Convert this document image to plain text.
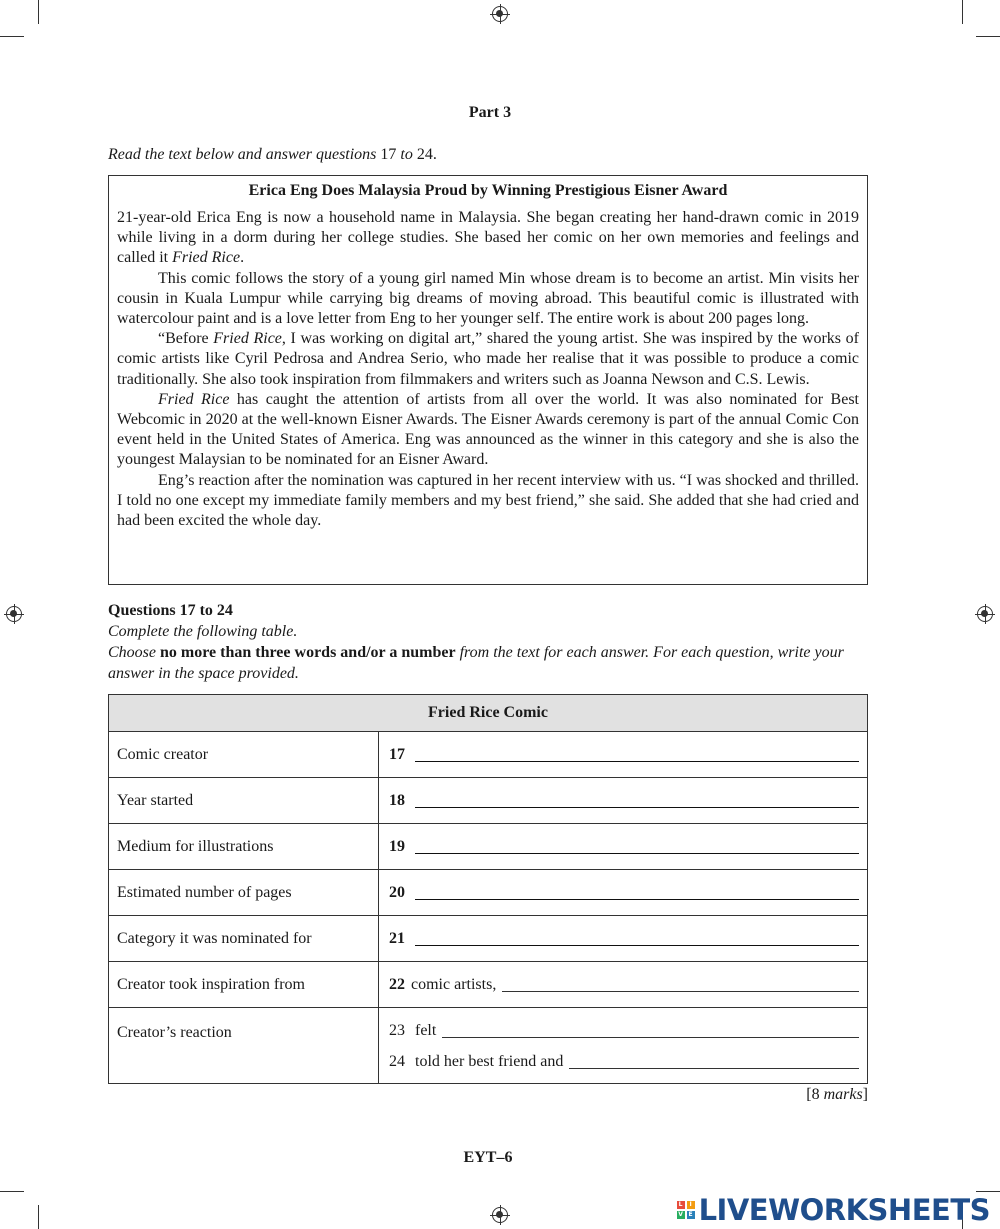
Part 3
Read the text below and answer questions 17 to 24.
Erica Eng Does Malaysia Proud by Winning Prestigious Eisner Award

21-year-old Erica Eng is now a household name in Malaysia. She began creating her hand-drawn comic in 2019 while living in a dorm during her college studies. She based her comic on her own memories and feelings and called it Fried Rice.

This comic follows the story of a young girl named Min whose dream is to become an artist. Min visits her cousin in Kuala Lumpur while carrying big dreams of moving abroad. This beautiful comic is illustrated with watercolour paint and is a love letter from Eng to her younger self. The entire work is about 200 pages long.

“Before Fried Rice, I was working on digital art,” shared the young artist. She was inspired by the works of comic artists like Cyril Pedrosa and Andrea Serio, who made her realise that it was possible to produce a comic traditionally. She also took inspiration from filmmakers and writers such as Joanna Newson and C.S. Lewis.

Fried Rice has caught the attention of artists from all over the world. It was also nominated for Best Webcomic in 2020 at the well-known Eisner Awards. The Eisner Awards ceremony is part of the annual Comic Con event held in the United States of America. Eng was announced as the winner in this category and she is also the youngest Malaysian to be nominated for an Eisner Award.

Eng’s reaction after the nomination was captured in her recent interview with us. “I was shocked and thrilled. I told no one except my immediate family members and my best friend,” she said. She added that she had cried and had been excited the whole day.

Questions 17 to 24
Complete the following table.
Choose no more than three words and/or a number from the text for each answer. For each question, write your answer in the space provided.
Fried Rice Comic	
Comic creator	17

Year started	18

Medium for illustrations	19

Estimated number of pages	20

Category it was nominated for	21

Creator took inspiration from	22 comic artists,

Creator’s reaction	23 felt
24 told her best friend and
[8 marks]
EYT–6
L	I
V E LIVEWORKSHEETS
